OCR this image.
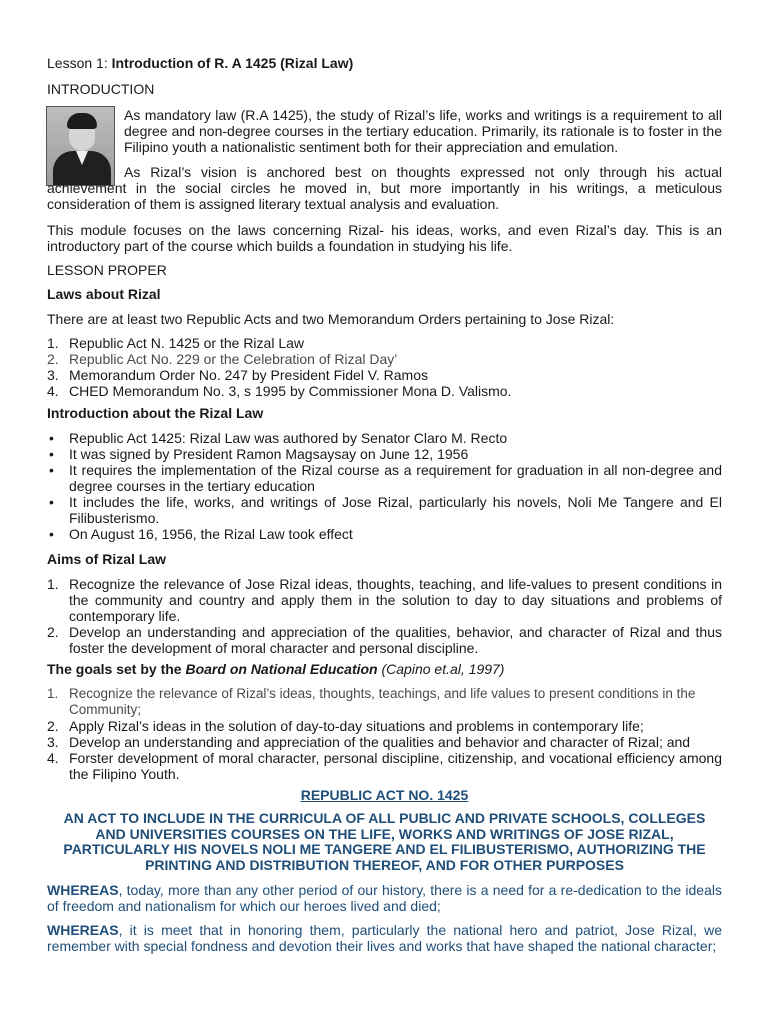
Lesson 1: Introduction of R. A 1425 (Rizal Law)
INTRODUCTION
As mandatory law (R.A 1425), the study of Rizal’s life, works and writings is a requirement to all degree and non-degree courses in the tertiary education. Primarily, its rationale is to foster in the Filipino youth a nationalistic sentiment both for their appreciation and emulation.
As Rizal’s vision is anchored best on thoughts expressed not only through his actual achievement in the social circles he moved in, but more importantly in his writings, a meticulous consideration of them is assigned literary textual analysis and evaluation.
This module focuses on the laws concerning Rizal- his ideas, works, and even Rizal’s day. This is an introductory part of the course which builds a foundation in studying his life.
LESSON PROPER
Laws about Rizal
There are at least two Republic Acts and two Memorandum Orders pertaining to Jose Rizal:
1. Republic Act N. 1425 or the Rizal Law
2. Republic Act No. 229 or the Celebration of Rizal Day’
3. Memorandum Order No. 247 by President Fidel V. Ramos
4. CHED Memorandum No. 3, s 1995 by Commissioner Mona D. Valismo.
Introduction about the Rizal Law
• Republic Act 1425: Rizal Law was authored by Senator Claro M. Recto
• It was signed by President Ramon Magsaysay on June 12, 1956
• It requires the implementation of the Rizal course as a requirement for graduation in all non-degree and degree courses in the tertiary education
• It includes the life, works, and writings of Jose Rizal, particularly his novels, Noli Me Tangere and El Filibusterismo.
• On August 16, 1956, the Rizal Law took effect
Aims of Rizal Law
1. Recognize the relevance of Jose Rizal ideas, thoughts, teaching, and life-values to present conditions in the community and country and apply them in the solution to day to day situations and problems of contemporary life.
2. Develop an understanding and appreciation of the qualities, behavior, and character of Rizal and thus foster the development of moral character and personal discipline.
The goals set by the Board on National Education (Capino et.al, 1997)
1. Recognize the relevance of Rizal’s ideas, thoughts, teachings, and life values to present conditions in the Community;
2. Apply Rizal’s ideas in the solution of day-to-day situations and problems in contemporary life;
3. Develop an understanding and appreciation of the qualities and behavior and character of Rizal; and
4. Forster development of moral character, personal discipline, citizenship, and vocational efficiency among the Filipino Youth.
REPUBLIC ACT NO. 1425
AN ACT TO INCLUDE IN THE CURRICULA OF ALL PUBLIC AND PRIVATE SCHOOLS, COLLEGES AND UNIVERSITIES COURSES ON THE LIFE, WORKS AND WRITINGS OF JOSE RIZAL, PARTICULARLY HIS NOVELS NOLI ME TANGERE AND EL FILIBUSTERISMO, AUTHORIZING THE PRINTING AND DISTRIBUTION THEREOF, AND FOR OTHER PURPOSES
WHEREAS, today, more than any other period of our history, there is a need for a re-dedication to the ideals of freedom and nationalism for which our heroes lived and died;
WHEREAS, it is meet that in honoring them, particularly the national hero and patriot, Jose Rizal, we remember with special fondness and devotion their lives and works that have shaped the national character;
